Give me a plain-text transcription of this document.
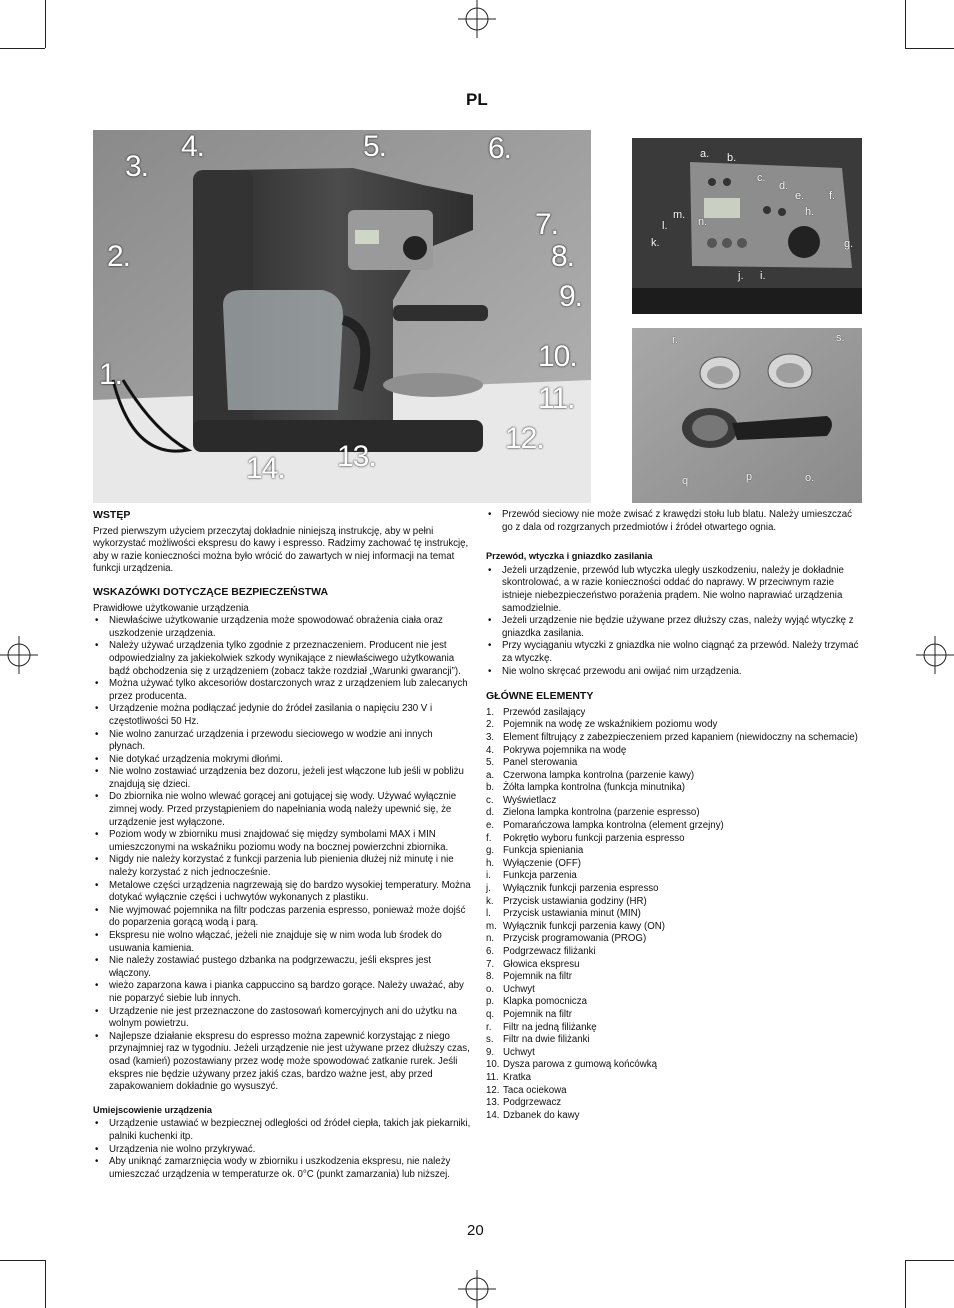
PL
1.
2.
3.
4.	5.	6.
7.
8.
9.
10.
11.
12.
13.
14.
a. b.
c.
d.
e. f.
g.
h.
i.
j.
k.
l.
m.
n.
r.	s.
q	p	o.
WSTĘP

Przed pierwszym użyciem przeczytaj dokładnie niniejszą instrukcję, aby w pełni wykorzystać możliwości ekspresu do kawy i espresso. Radzimy zachować tę instrukcję, aby w razie konieczności można było wrócić do zawartych w niej informacji na temat funkcji urządzenia.

WSKAZÓWKI DOTYCZĄCE BEZPIECZEŃSTWA
Prawidłowe użytkowanie urządzenia
• Niewłaściwe użytkowanie urządzenia może spowodować obrażenia ciała oraz uszkodzenie urządzenia.
• Należy używać urządzenia tylko zgodnie z przeznaczeniem. Producent nie jest odpowiedzialny za jakiekolwiek szkody wynikające z niewłaściwego użytkowania bądź obchodzenia się z urządzeniem (zobacz także rozdział „Warunki gwarancji”).
• Można używać tylko akcesoriów dostarczonych wraz z urządzeniem lub zalecanych przez producenta.
• Urządzenie można podłączać jedynie do źródeł zasilania o napięciu 230 V i częstotliwości 50 Hz.
• Nie wolno zanurzać urządzenia i przewodu sieciowego w wodzie ani innych płynach.
• Nie dotykać urządzenia mokrymi dłońmi.
• Nie wolno zostawiać urządzenia bez dozoru, jeżeli jest włączone lub jeśli w pobliżu znajdują się dzieci.
• Do zbiornika nie wolno wlewać gorącej ani gotującej się wody. Używać wyłącznie zimnej wody. Przed przystąpieniem do napełniania wodą należy upewnić się, że urządzenie jest wyłączone.
• Poziom wody w zbiorniku musi znajdować się między symbolami MAX i MIN umieszczonymi na wskaźniku poziomu wody na bocznej powierzchni zbiornika.
• Nigdy nie należy korzystać z funkcji parzenia lub pienienia dłużej niż minutę i nie należy korzystać z nich jednocześnie.
• Metalowe części urządzenia nagrzewają się do bardzo wysokiej temperatury. Można dotykać wyłącznie części i uchwytów wykonanych z plastiku.
• Nie wyjmować pojemnika na filtr podczas parzenia espresso, ponieważ może dojść do poparzenia gorącą wodą i parą.
• Ekspresu nie wolno włączać, jeżeli nie znajduje się w nim woda lub środek do usuwania kamienia.
• Nie należy zostawiać pustego dzbanka na podgrzewaczu, jeśli ekspres jest włączony.
• wieżo zaparzona kawa i pianka cappuccino są bardzo gorące. Należy uważać, aby nie poparzyć siebie lub innych.
• Urządzenie nie jest przeznaczone do zastosowań komercyjnych ani do użytku na wolnym powietrzu.
• Najlepsze działanie ekspresu do espresso można zapewnić korzystając z niego przynajmniej raz w tygodniu. Jeżeli urządzenie nie jest używane przez dłuższy czas, osad (kamień) pozostawiany przez wodę może spowodować zatkanie rurek. Jeśli ekspres nie będzie używany przez jakiś czas, bardzo ważne jest, aby przed zapakowaniem dokładnie go wysuszyć.
Umiejscowienie urządzenia
• Urządzenie ustawiać w bezpiecznej odległości od źródeł ciepła, takich jak piekarniki, palniki kuchenki itp.
• Urządzenia nie wolno przykrywać.
• Aby uniknąć zamarznięcia wody w zbiorniku i uszkodzenia ekspresu, nie należy umieszczać urządzenia w temperaturze ok. 0°C (punkt zamarzania) lub niższej.
• Przewód sieciowy nie może zwisać z krawędzi stołu lub blatu. Należy umieszczać go z dala od rozgrzanych przedmiotów i źródeł otwartego ognia.
Przewód, wtyczka i gniazdko zasilania
• Jeżeli urządzenie, przewód lub wtyczka uległy uszkodzeniu, należy je dokładnie skontrolować, a w razie konieczności oddać do naprawy. W przeciwnym razie istnieje niebezpieczeństwo porażenia prądem. Nie wolno naprawiać urządzenia samodzielnie.
• Jeżeli urządzenie nie będzie używane przez dłuższy czas, należy wyjąć wtyczkę z gniazdka zasilania.
• Przy wyciąganiu wtyczki z gniazdka nie wolno ciągnąć za przewód. Należy trzymać za wtyczkę.
• Nie wolno skręcać przewodu ani owijać nim urządzenia.
GŁÓWNE ELEMENTY
1. Przewód zasilający
2. Pojemnik na wodę ze wskaźnikiem poziomu wody
3. Element filtrujący z zabezpieczeniem przed kapaniem (niewidoczny na schemacie)
4. Pokrywa pojemnika na wodę
5. Panel sterowania
a. Czerwona lampka kontrolna (parzenie kawy)
b. Żółta lampka kontrolna (funkcja minutnika)
c. Wyświetlacz
d. Zielona lampka kontrolna (parzenie espresso)
e. Pomarańczowa lampka kontrolna (element grzejny)
f. Pokrętło wyboru funkcji parzenia espresso
g. Funkcja spieniania
h. Wyłączenie (OFF)
i. Funkcja parzenia
j. Wyłącznik funkcji parzenia espresso
k. Przycisk ustawiania godziny (HR)
l. Przycisk ustawiania minut (MIN)
m. Wyłącznik funkcji parzenia kawy (ON)
n. Przycisk programowania (PROG)
6. Podgrzewacz filiżanki
7. Głowica ekspresu
8. Pojemnik na filtr
o. Uchwyt
p. Klapka pomocnicza
q. Pojemnik na filtr
r. Filtr na jedną filiżankę
s. Filtr na dwie filiżanki
9. Uchwyt
10. Dysza parowa z gumową końcówką
11. Kratka
12. Taca ociekowa
13. Podgrzewacz
14. Dzbanek do kawy
20
